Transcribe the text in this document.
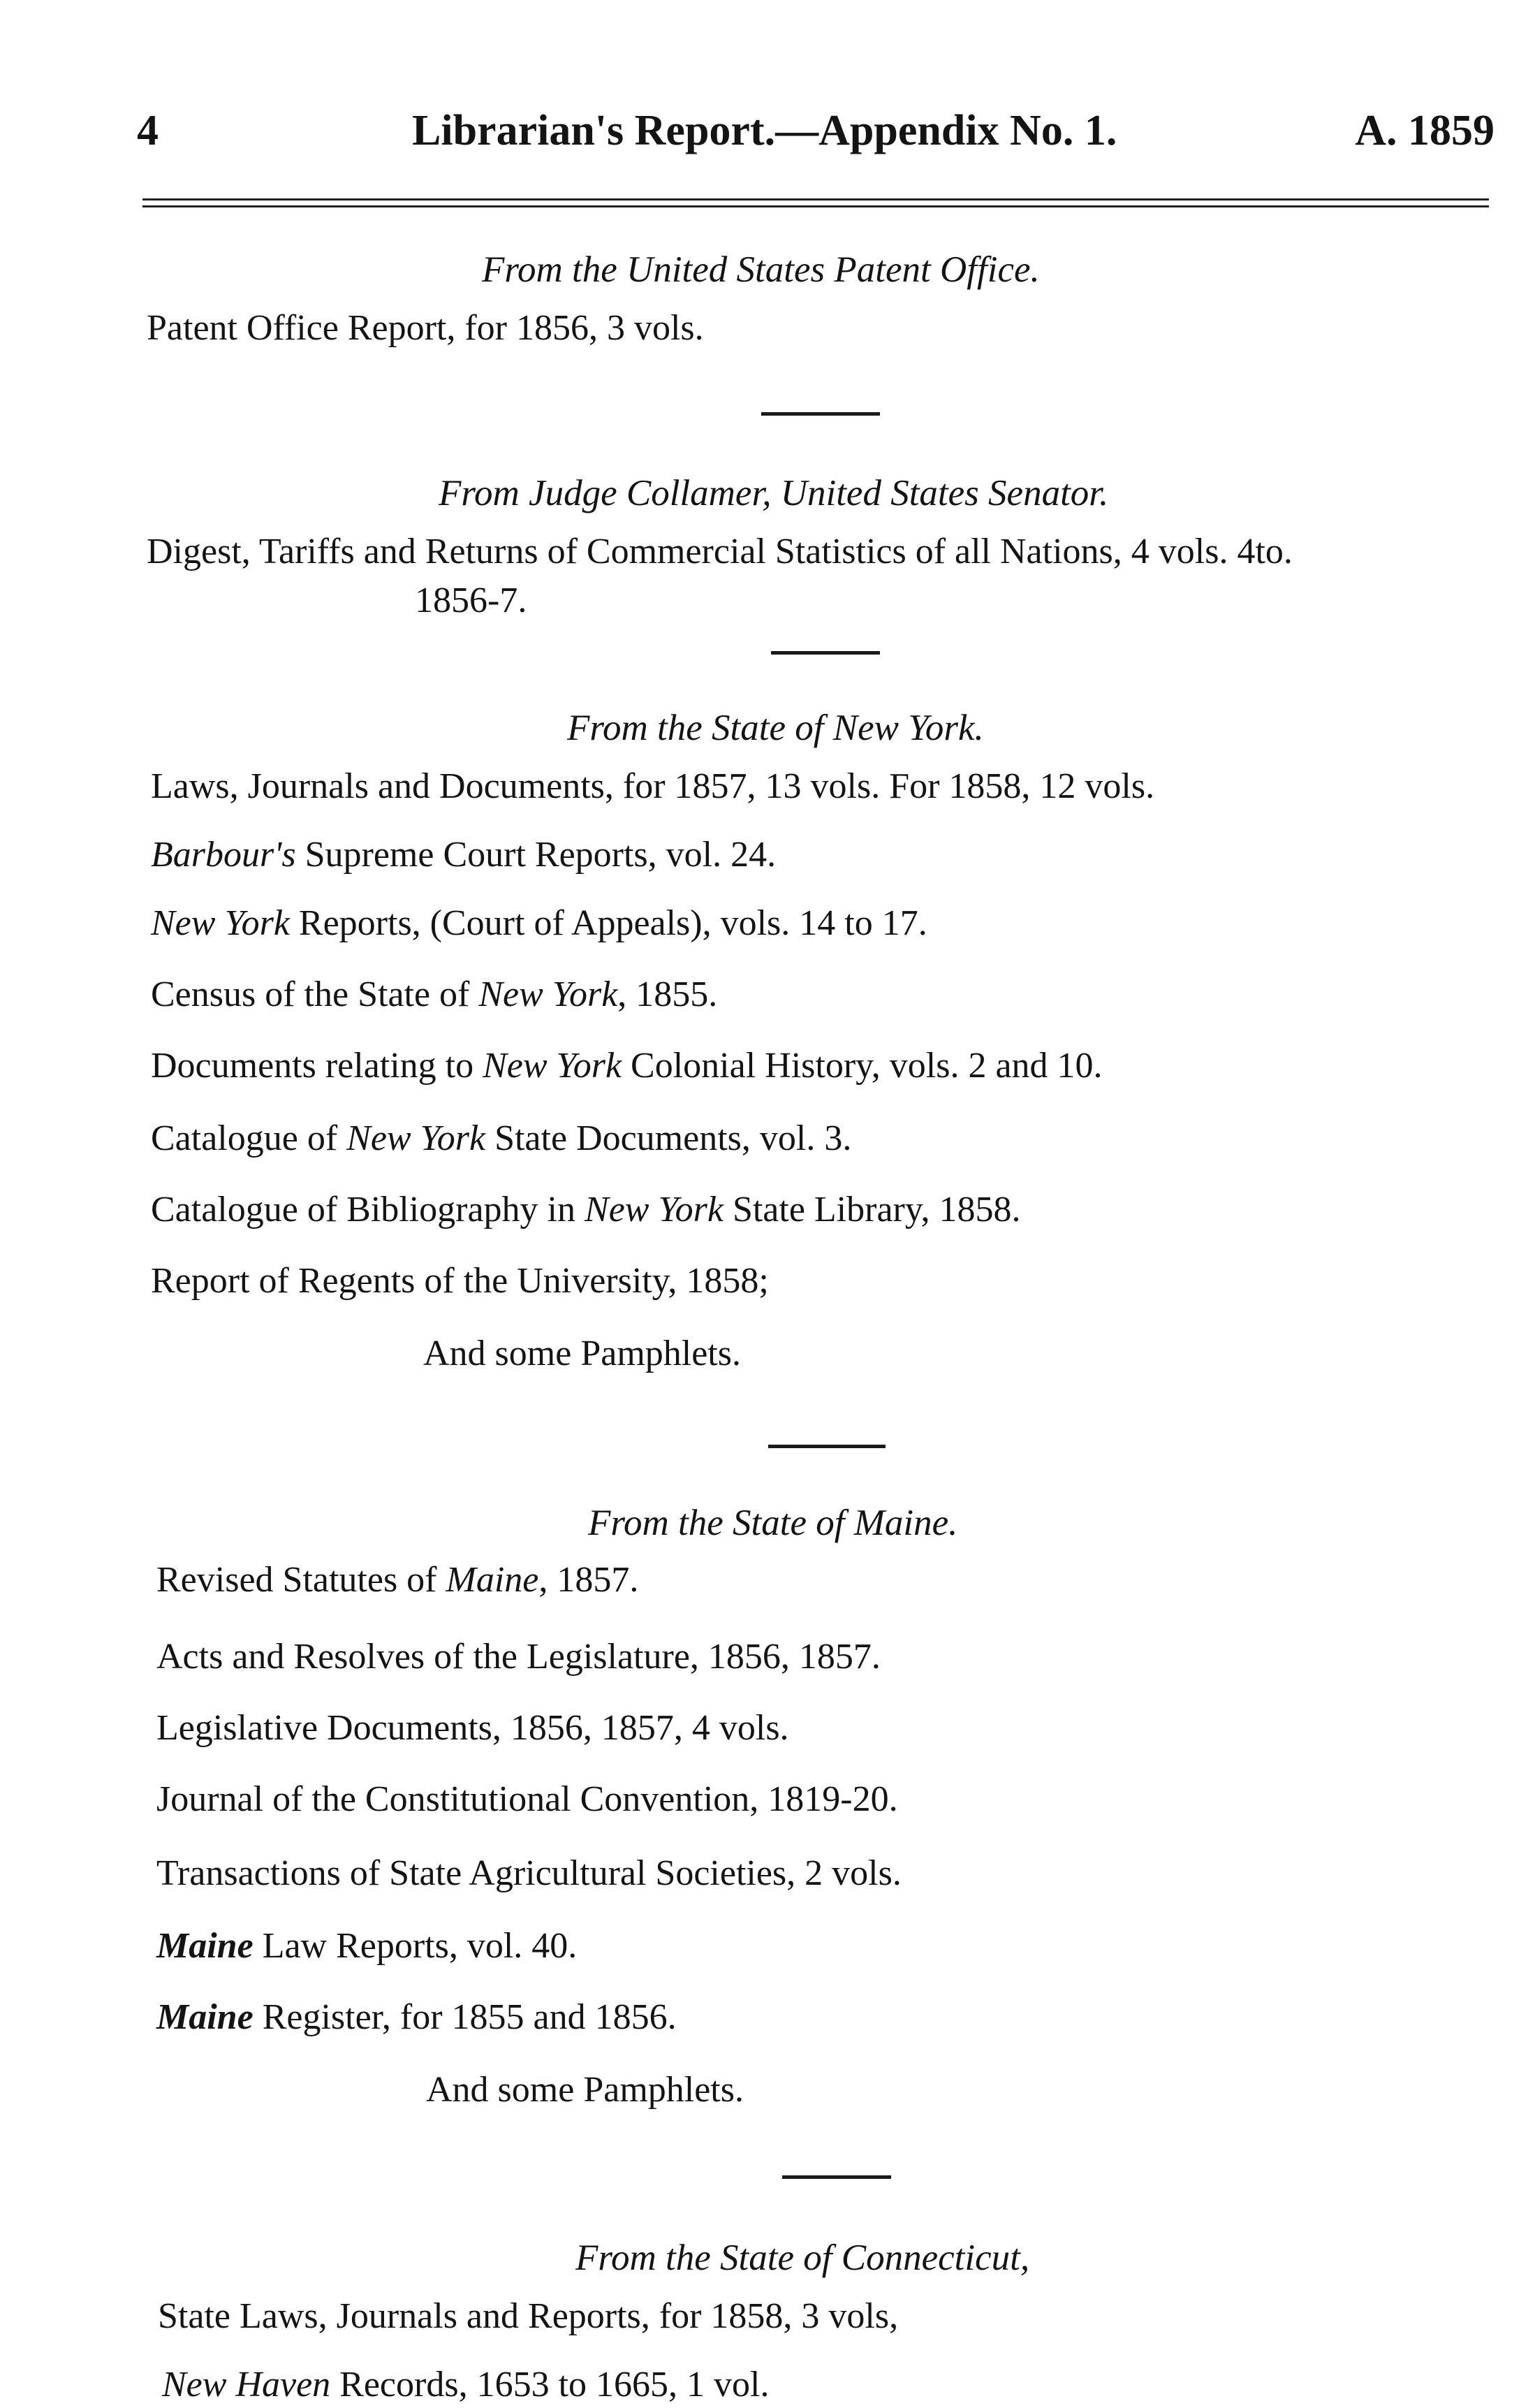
4	Librarian's Report.—Appendix No. 1.	A. 1859
From the United States Patent Office.
Patent Office Report, for 1856, 3 vols.
From Judge Collamer, United States Senator.
Digest, Tariffs and Returns of Commercial Statistics of all Nations, 4 vols. 4to.
1856-7.
From the State of New York.
Laws, Journals and Documents, for 1857, 13 vols. For 1858, 12 vols.
Barbour's Supreme Court Reports, vol. 24.
New York Reports, (Court of Appeals), vols. 14 to 17.
Census of the State of New York, 1855.
Documents relating to New York Colonial History, vols. 2 and 10.
Catalogue of New York State Documents, vol. 3.
Catalogue of Bibliography in New York State Library, 1858.
Report of Regents of the University, 1858;
And some Pamphlets.
From the State of Maine.
Revised Statutes of Maine, 1857.
Acts and Resolves of the Legislature, 1856, 1857.
Legislative Documents, 1856, 1857, 4 vols.
Journal of the Constitutional Convention, 1819-20.
Transactions of State Agricultural Societies, 2 vols.
Maine Law Reports, vol. 40.
Maine Register, for 1855 and 1856.
And some Pamphlets.
From the State of Connecticut,
State Laws, Journals and Reports, for 1858, 3 vols,
New Haven Records, 1653 to 1665, 1 vol.
